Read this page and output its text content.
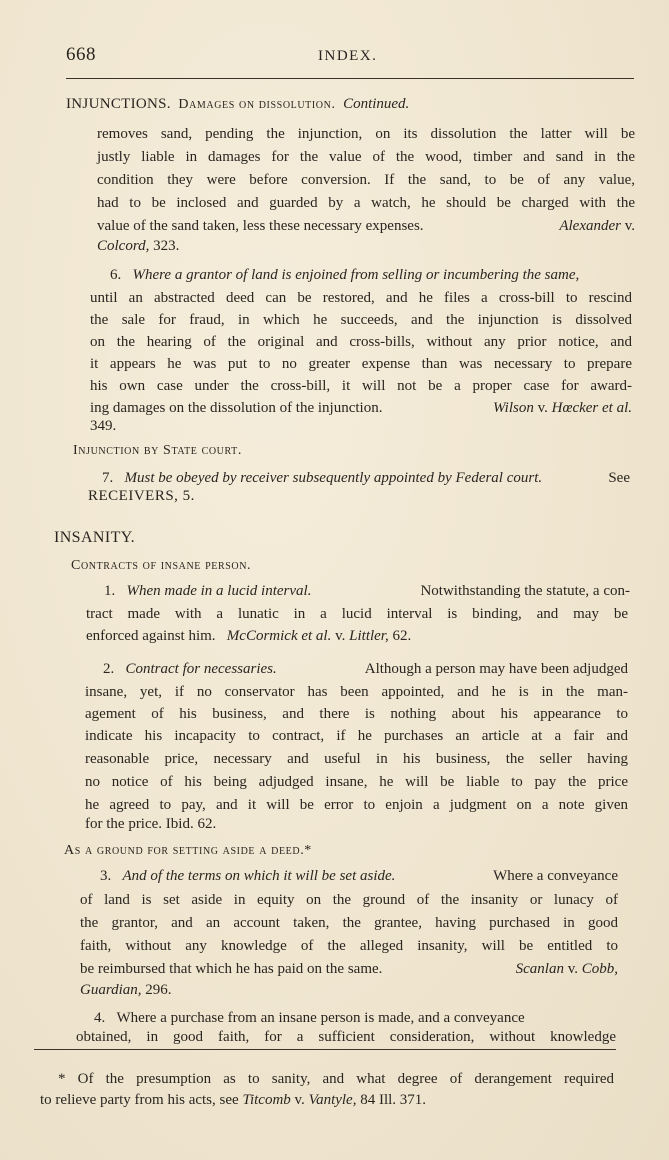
668	INDEX.
INJUNCTIONS. Damages on dissolution. Continued.
removes sand, pending the injunction, on its dissolution the latter will be
justly liable in damages for the value of the wood, timber and sand in the
condition they were before conversion. If the sand, to be of any value,
had to be inclosed and guarded by a watch, he should be charged with the
value of the sand taken, less these necessary expenses.	Alexander v.
Colcord, 323.
6. Where a grantor of land is enjoined from selling or incumbering the same,
until an abstracted deed can be restored, and he files a cross-bill to rescind
the sale for fraud, in which he succeeds, and the injunction is dissolved
on the hearing of the original and cross-bills, without any prior notice, and
it appears he was put to no greater expense than was necessary to prepare
his own case under the cross-bill, it will not be a proper case for award-
ing damages on the dissolution of the injunction.	Wilson v. Hœcker et al.
349.
Injunction by State court.
7. Must be obeyed by receiver subsequently appointed by Federal court.	See
RECEIVERS, 5.
INSANITY.
Contracts of insane person.
1. When made in a lucid interval.	Notwithstanding the statute, a con-
tract made with a lunatic in a lucid interval is binding, and may be
enforced against him. McCormick et al. v. Littler, 62.
2. Contract for necessaries.	Although a person may have been adjudged
insane, yet, if no conservator has been appointed, and he is in the man-
agement of his business, and there is nothing about his appearance to
indicate his incapacity to contract, if he purchases an article at a fair and
reasonable price, necessary and useful in his business, the seller having
no notice of his being adjudged insane, he will be liable to pay the price
he agreed to pay, and it will be error to enjoin a judgment on a note given
for the price. Ibid. 62.
As a ground for setting aside a deed.*
3. And of the terms on which it will be set aside.	Where a conveyance
of land is set aside in equity on the ground of the insanity or lunacy of
the grantor, and an account taken, the grantee, having purchased in good
faith, without any knowledge of the alleged insanity, will be entitled to
be reimbursed that which he has paid on the same.	Scanlan v. Cobb,
Guardian, 296.
4. Where a purchase from an insane person is made, and a conveyance
obtained, in good faith, for a sufficient consideration, without knowledge
* Of the presumption as to sanity, and what degree of derangement required
to relieve party from his acts, see Titcomb v. Vantyle, 84 Ill. 371.
